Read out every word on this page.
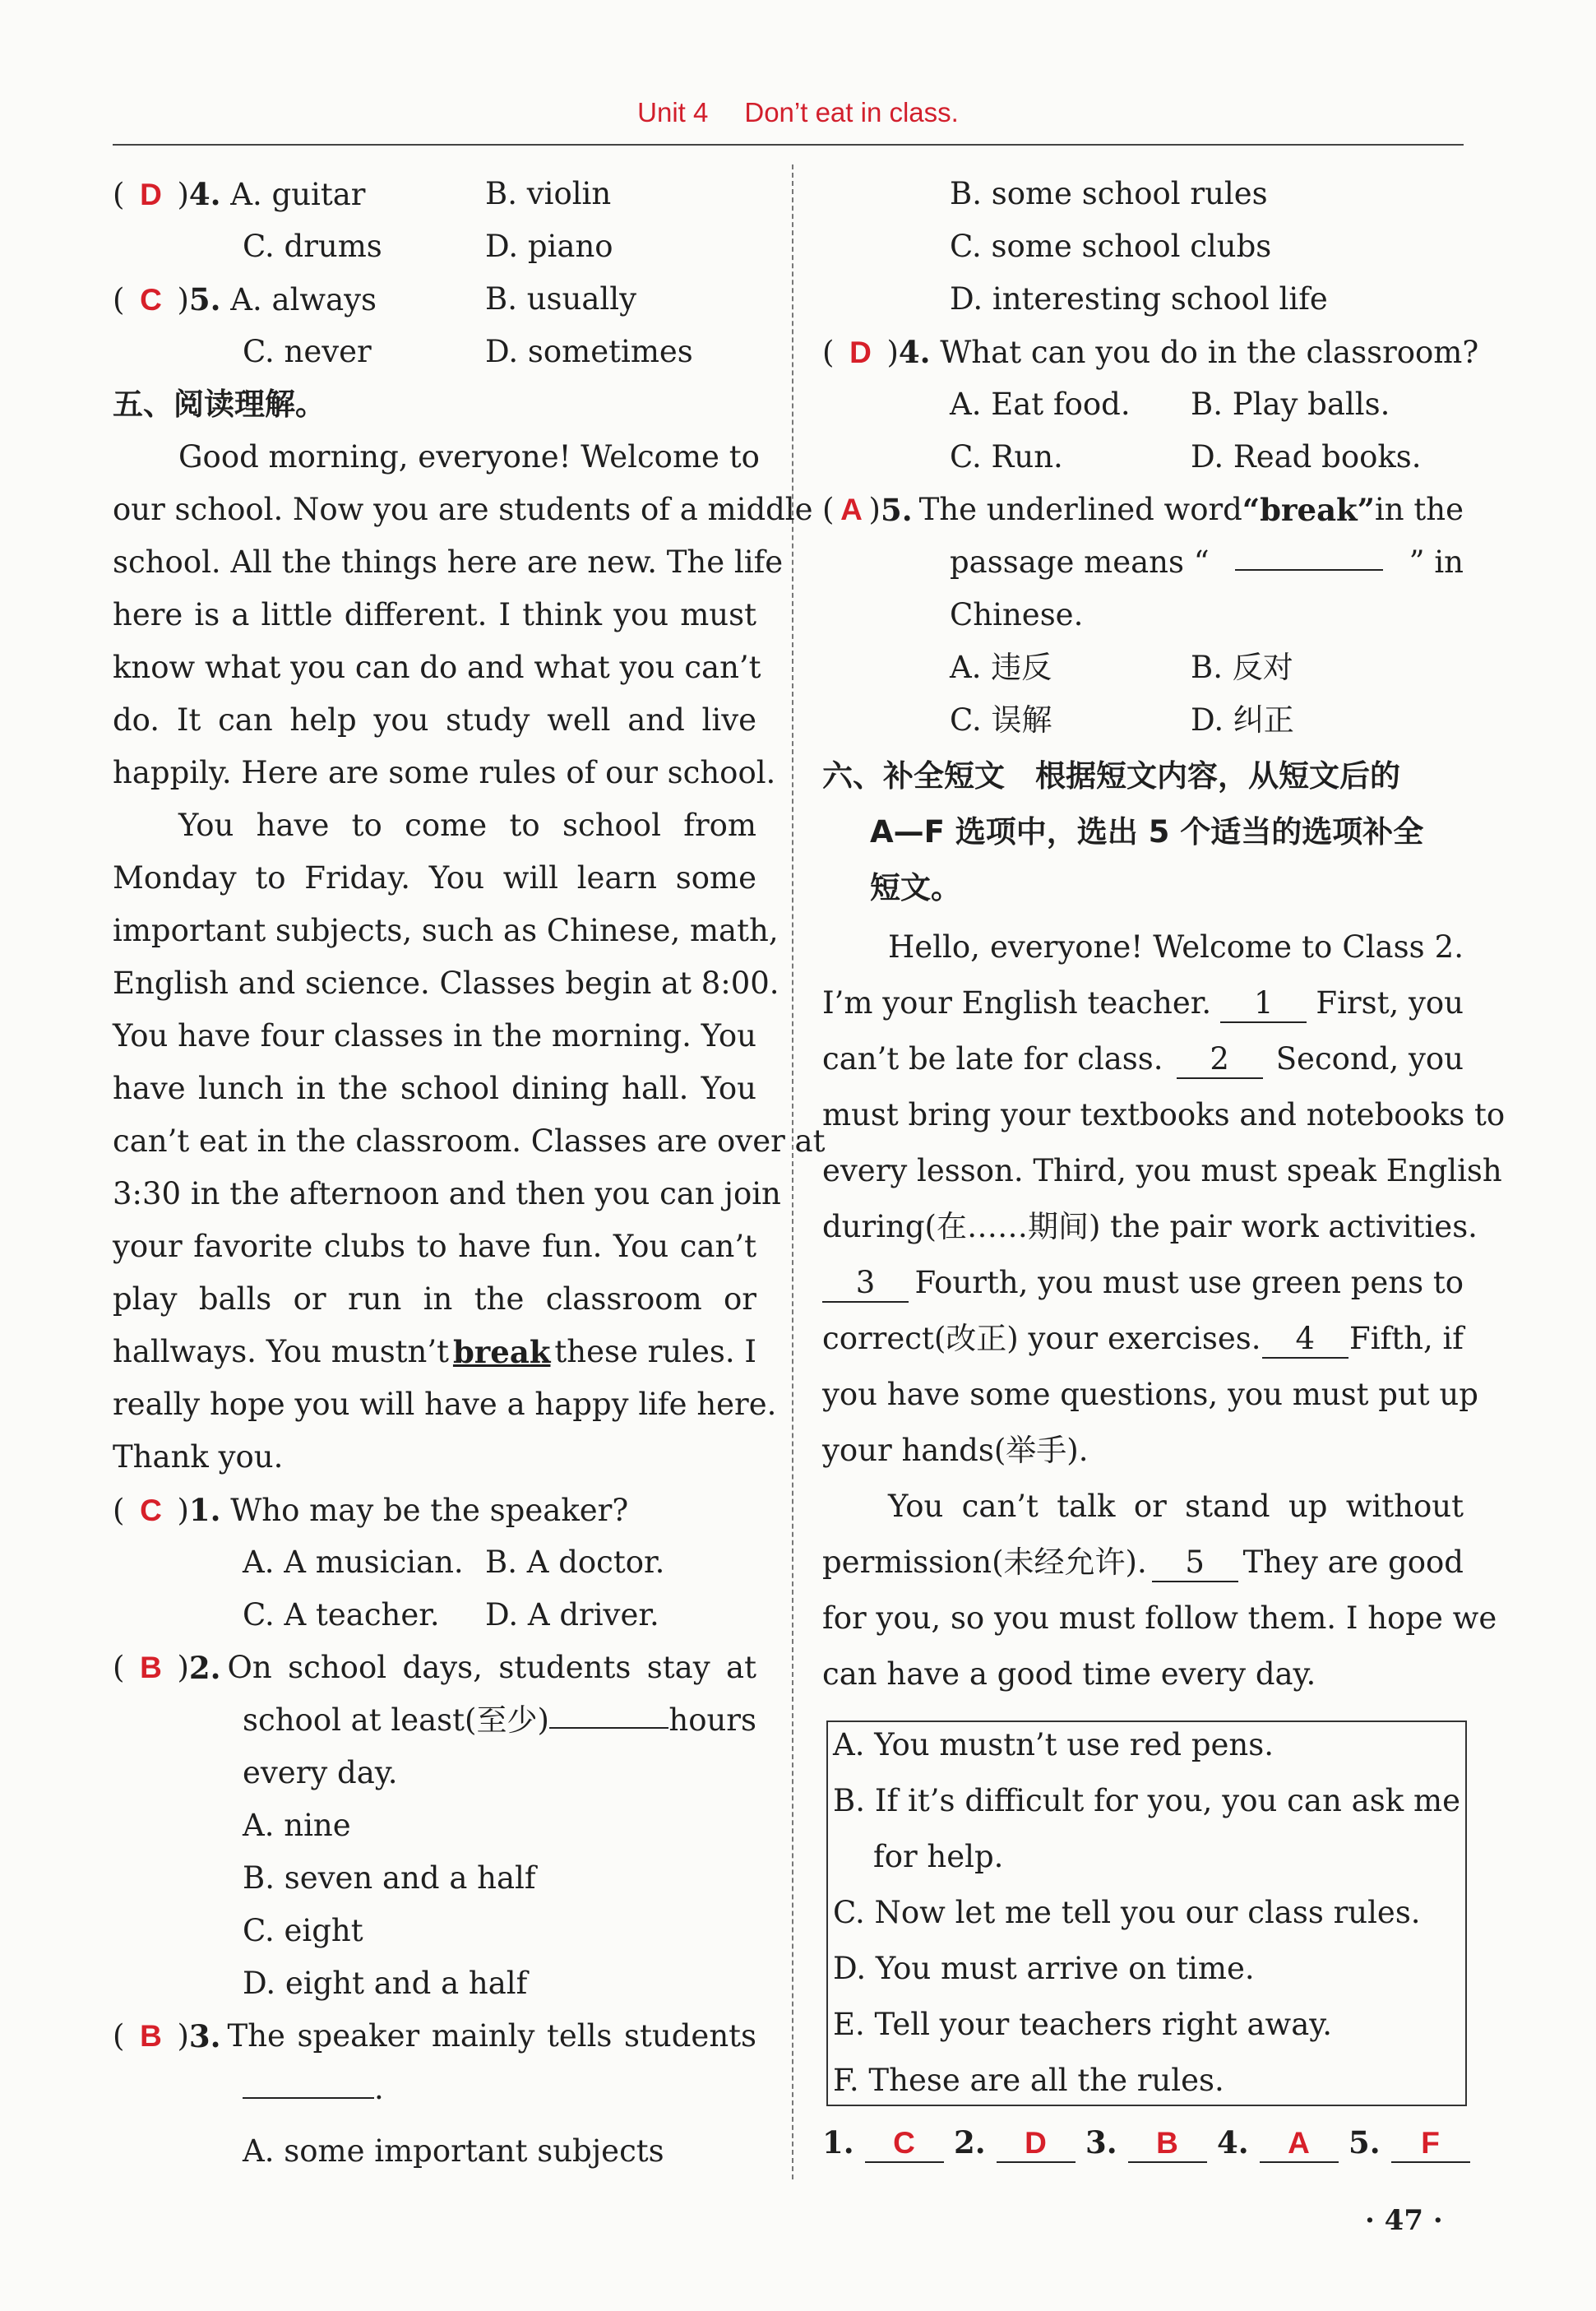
Unit 4 Don’t eat in class.
( D )4. A. guitar	B. violin
C. drums	D. piano
( C )5. A. always	B. usually
C. never	D. sometimes
五、阅读理解。
Good morning, everyone! Welcome to
our school. Now you are students of a middle
school. All the things here are new. The life
here is a little different. I think you must
know what you can do and what you can’t
do. It can help you study well and live
happily. Here are some rules of our school.
You have to come to school from
Monday to Friday. You will learn some
important subjects, such as Chinese, math,
English and science. Classes begin at 8:00.
You have four classes in the morning. You
have lunch in the school dining hall. You
can’t eat in the classroom. Classes are over at
3:30 in the afternoon and then you can join
your favorite clubs to have fun. You can’t
play balls or run in the classroom or
hallways. You mustn’t break these rules. I
really hope you will have a happy life here.
Thank you.
( C )1. Who may be the speaker?
A. A musician. B. A doctor.
C. A teacher. D. A driver.
( B ) 2. On school days, students stay at
school at least(至少)	hours
every day.
A. nine
B. seven and a half
C. eight
D. eight and a half
( B ) 3. The speaker mainly tells students
.
A. some important subjects
B. some school rules
C. some school clubs
D. interesting school life
( D )4. What can you do in the classroom?
A. Eat food. B. Play balls.
C. Run.	D. Read books.
( A ) 5. The underlined word “break” in the
passage means “	” in
Chinese.
A. 违反	B. 反对
C. 误解	D. 纠正
六、补全短文　根据短文内容，从短文后的
A—F 选项中，选出 5 个适当的选项补全
短文。
Hello, everyone! Welcome to Class 2.
I’m your English teacher.	1	First, you
can’t be late for class.	2	Second, you
must bring your textbooks and notebooks to
every lesson. Third, you must speak English
during(在……期间) the pair work activities.
3	Fourth, you must use green pens to
correct(改正) your exercises.	4	Fifth, if
you have some questions, you must put up
your hands(举手).
You can’t talk or stand up without
permission(未经允许).	5	They are good
for you, so you must follow them. I hope we
can have a good time every day.
A. You mustn’t use red pens.
B. If it’s difficult for you, you can ask me
for help.
C. Now let me tell you our class rules.
D. You must arrive on time.
E. Tell your teachers right away.
F. These are all the rules.
1. C	2. D	3. B	4. A	5. F
· 47 ·
